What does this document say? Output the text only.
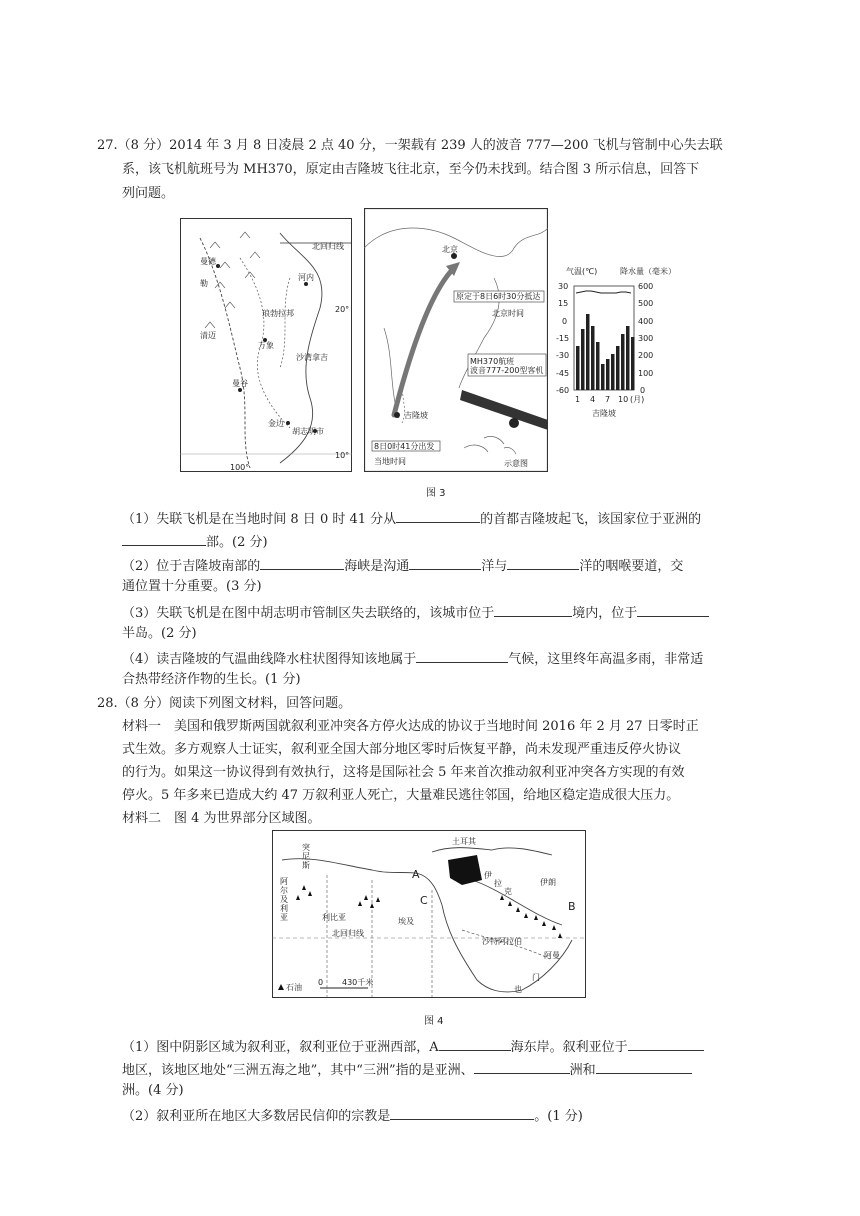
27.（8 分）2014 年 3 月 8 日凌晨 2 点 40 分，一架载有 239 人的波音 777—200 飞机与管制中心失去联
系，该飞机航班号为 MH370，原定由吉隆坡飞往北京，至今仍未找到。结合图 3 所示信息，回答下
列问题。
北回归线
曼德
勒
清迈
河内
琅勃拉邦
万象
沙湾拿吉
曼谷
金边
胡志明市
100°
10°
20°
北京
原定于8日6时30分抵达
北京时间
MH370航班
波音777-200型客机
吉隆坡
8日0时41分出发
当地时间	示意图
气温(℃)	降水量（毫米）
30
15
0
-15
-30
-45
-60
600
500
400
300
200
100
0
1 4 7 10 (月)
吉隆坡
图 3
（1）失联飞机是在当地时间 8 日 0 时 41 分从	的首都吉隆坡起飞，该国家位于亚洲的
部。(2 分)
（2）位于吉隆坡南部的	海峡是沟通	洋与	洋的咽喉要道，交
通位置十分重要。(3 分)
（3）失联飞机是在图中胡志明市管制区失去联络的，该城市位于	境内，位于
半岛。(2 分)
（4）读吉隆坡的气温曲线降水柱状图得知该地属于	气候，这里终年高温多雨，非常适
合热带经济作物的生长。(1 分)
28.（8 分）阅读下列图文材料，回答问题。
材料一　美国和俄罗斯两国就叙利亚冲突各方停火达成的协议于当地时间 2016 年 2 月 27 日零时正
式生效。多方观察人士证实，叙利亚全国大部分地区零时后恢复平静，尚未发现严重违反停火协议
的行为。如果这一协议得到有效执行，这将是国际社会 5 年来首次推动叙利亚冲突各方实现的有效
停火。5 年多来已造成大约 47 万叙利亚人死亡，大量难民逃往邻国，给地区稳定造成很大压力。
材料二　图 4 为世界部分区域图。
土耳其
A
B
C
伊
拉
克
伊朗
突
尼
斯
阿
尔
及
利
亚	利比亚	埃及
北回归线
沙特阿拉伯
阿曼
门
也
石油
0 430千米
图 4
（1）图中阴影区域为叙利亚，叙利亚位于亚洲西部，A	海东岸。叙利亚位于
地区，该地区地处“三洲五海之地”，其中“三洲”指的是亚洲、	洲和
洲。(4 分)
（2）叙利亚所在地区大多数居民信仰的宗教是	。(1 分)
